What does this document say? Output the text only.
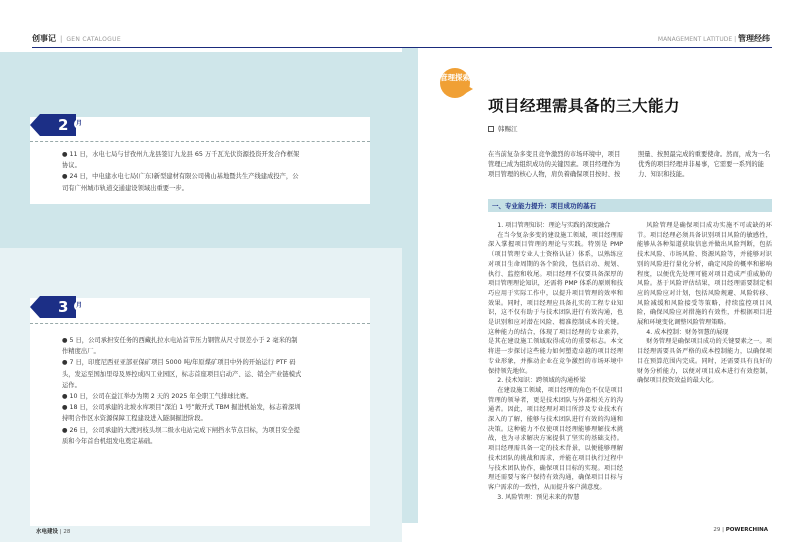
创事记 | GEN CATALOGUE
2	月

● 11 日，水电七局与甘孜州九龙县签订九龙县 65 万千瓦光伏资源投资开发合作框架协议。

● 24 日，中电建水电七局(广东)新型建材有限公司佛山基地暨共生产线建成投产，公司有广州城市轨道交通建设领域出重要一步。

3	月

● 5 日，公司承担安任务的西藏扎拉水电站首节压力钢管从尺寸误差小于 2 毫米的制作精度出厂。

● 7 日，印度尼西亚亚部亚保矿项目 5000 吨/年原煤矿项目中外的开始运行 PTF 码头，发运至国加里母及界控成四工业园区，标志首座项目启动产、运、销全产业链模式运作。

● 10 日，公司在益江举办为期 2 天的 2025 年全职工气排球比赛。

● 18 日，公司承建的北坡水库项目“深泊 1 号”敞开式 TBM 掘进机始发，标志着深圳持明合作区水资源保障工程建设进入隧洞掘进阶段。

● 26 日，公司承建的大渡河枝头坝二级水电站完成下闸挡水节点目标，为项目安全提质和今年首台机组发电奠定基础。

水电建设 | 28
MANAGEMENT LATITUDE | 管理经纬
管理探索
项目经理需具备的三大能力
韩赐江
在当前复杂多变且竞争激烈的市场环境中，项目管理已成为组织成功的关键因素。项目经理作为项目管理的核心人物，肩负着确保项目按时、按照量、按照最完成的重要使命。然而，成为一名优秀的项目经理并非易事，它需要一系列的能力、知识和技能。
一、专业能力提升：项目成功的基石

1. 项目管理知识：理论与实践的深度融合

在当今复杂多变的建设施工领域，项目经理需深入掌握项目管理的理论与实践。特别是 PMP（项目管理专业人士资格认证）体系，以熟练应对项目生命周期的各个阶段，包括启动、规划、执行、监控和收尾。项目经理不仅要具备深厚的项目管理理论知识，还需将 PMP 体系的原则和技巧应用于实际工作中，以提升项目管理的效率和效果。同时，项目经理应具备扎实的工程专业知识，这不仅有助于与技术团队进行有效沟通，也是识别和应对潜在风险、精准控制成本的关键。这种能力的结合，体现了项目经理的专业素养，是其在建设施工领域取得成功的重要标志。本文将进一步探讨这些能力如何塑造卓越的项目经理专业形象，并推动企业在竞争激烈的市场环境中保持领先地位。

2. 技术知识：跨领域的沟通桥梁

在建设施工领域，项目经理的角色不仅是项目管理的领导者，更是技术团队与外部相关方的沟通者。因此，项目经理对项目所涉及专业技术有深入的了解，能够与技术团队进行有效的沟通和决策。这种能力不仅使项目经理能够理解技术挑战，也为寻求解决方案提供了坚实的基础支持。项目经理需具备一定的技术背景，以便能够理解技术团队的挑战和需求，并能在项目执行过程中与技术团队协作，确保项目目标的实现。项目经理还需要与客户保持有效沟通，确保项目目标与客户需求的一致性，从而提升客户满意度。

3. 风险管理：预见未来的智慧

风险管理是确保项目成功实施不可或缺的环节。项目经理必须具备识别项目风险的敏感性，能够从各种渠道获取信息并做出风险判断，包括技术风险、市场风险、资源风险等，并能够对识别的风险进行量化分析，确定风险的概率和影响程度，以便优先处理可能对项目造成严重威胁的风险。基于风险评估结果，项目经理需要制定相应的风险应对计划，包括风险规避、风险转移、风险减缓和风险接受等策略，持续监控项目风险，确保风险应对措施的有效性，并根据项目进展和环境变化调整风险管理策略。

4. 成本控制：财务智慧的展现

财务管理是确保项目成功的关键要素之一。项目经理需要具备严格的成本控制能力，以确保项目在预算范围内完成。同时，还需要具有良好的财务分析能力，以便对项目成本进行有效控制，确保项目投资效益的最大化。

29 | POWERCHINA
